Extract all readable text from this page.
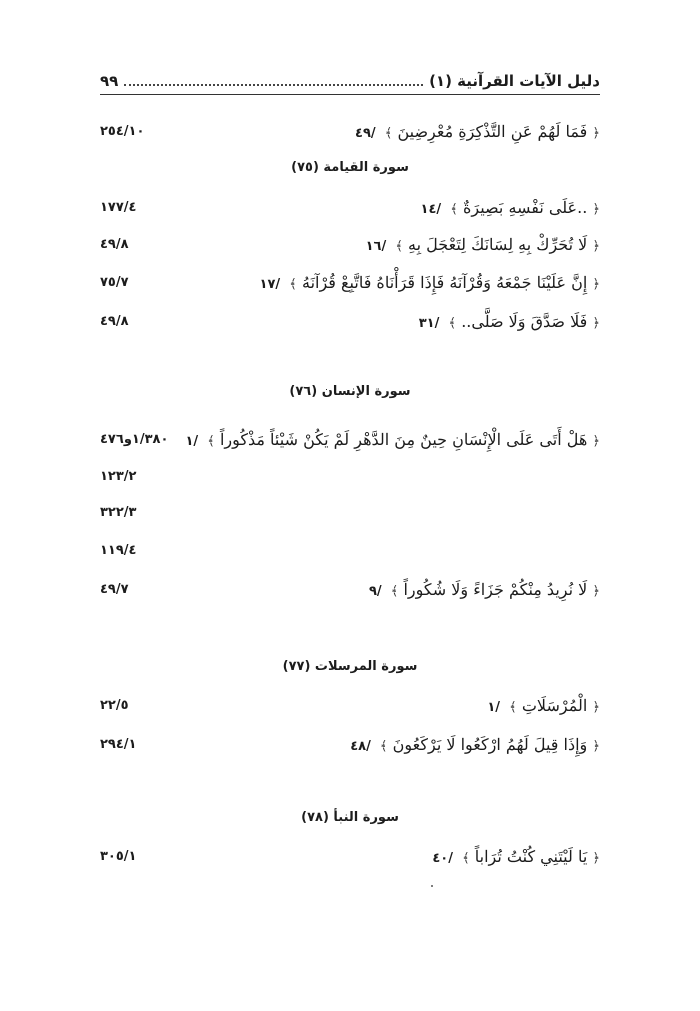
دليل الآيات القرآنية (١)
٩٩
﴿ فَمَا لَهُمْ عَنِ التَّذْكِرَةِ مُعْرِضِينَ ﴾ /٤٩
٢٥٤/١٠
سورة القيامة (٧٥)
﴿ ..عَلَى نَفْسِهِ بَصِيرَةٌ ﴾ /١٤
١٧٧/٤
﴿ لَا تُحَرِّكْ بِهِ لِسَانَكَ لِتَعْجَلَ بِهِ ﴾ /١٦
٤٩/٨
﴿ إِنَّ عَلَيْنَا جَمْعَهُ وَقُرْآنَهُ فَإِذَا قَرَأْنَاهُ فَاتَّبِعْ قُرْآنَهُ ﴾ /١٧
٧٥/٧
﴿ فَلَا صَدَّقَ وَلَا صَلَّى.. ﴾ /٣١
٤٩/٨
سورة الإنسان (٧٦)
﴿ هَلْ أَتَى عَلَى الْإِنْسَانِ حِينٌ مِنَ الدَّهْرِ لَمْ يَكُنْ شَيْئاً مَذْكُوراً ﴾ /١
١/٣٨٠و٤٧٦
١٢٣/٢
٣٢٢/٣
١١٩/٤
﴿ لَا نُرِيدُ مِنْكُمْ جَزَاءً وَلَا شُكُوراً ﴾ /٩
٤٩/٧
سورة المرسلات (٧٧)
﴿ الْمُرْسَلَاتِ ﴾ /١
٢٢/٥
﴿ وَإِذَا قِيلَ لَهُمُ ارْكَعُوا لَا يَرْكَعُونَ ﴾ /٤٨
٢٩٤/١
سورة النبأ (٧٨)
﴿ يَا لَيْتَنِي كُنْتُ تُرَاباً ﴾ /٤٠
٣٠٥/١
